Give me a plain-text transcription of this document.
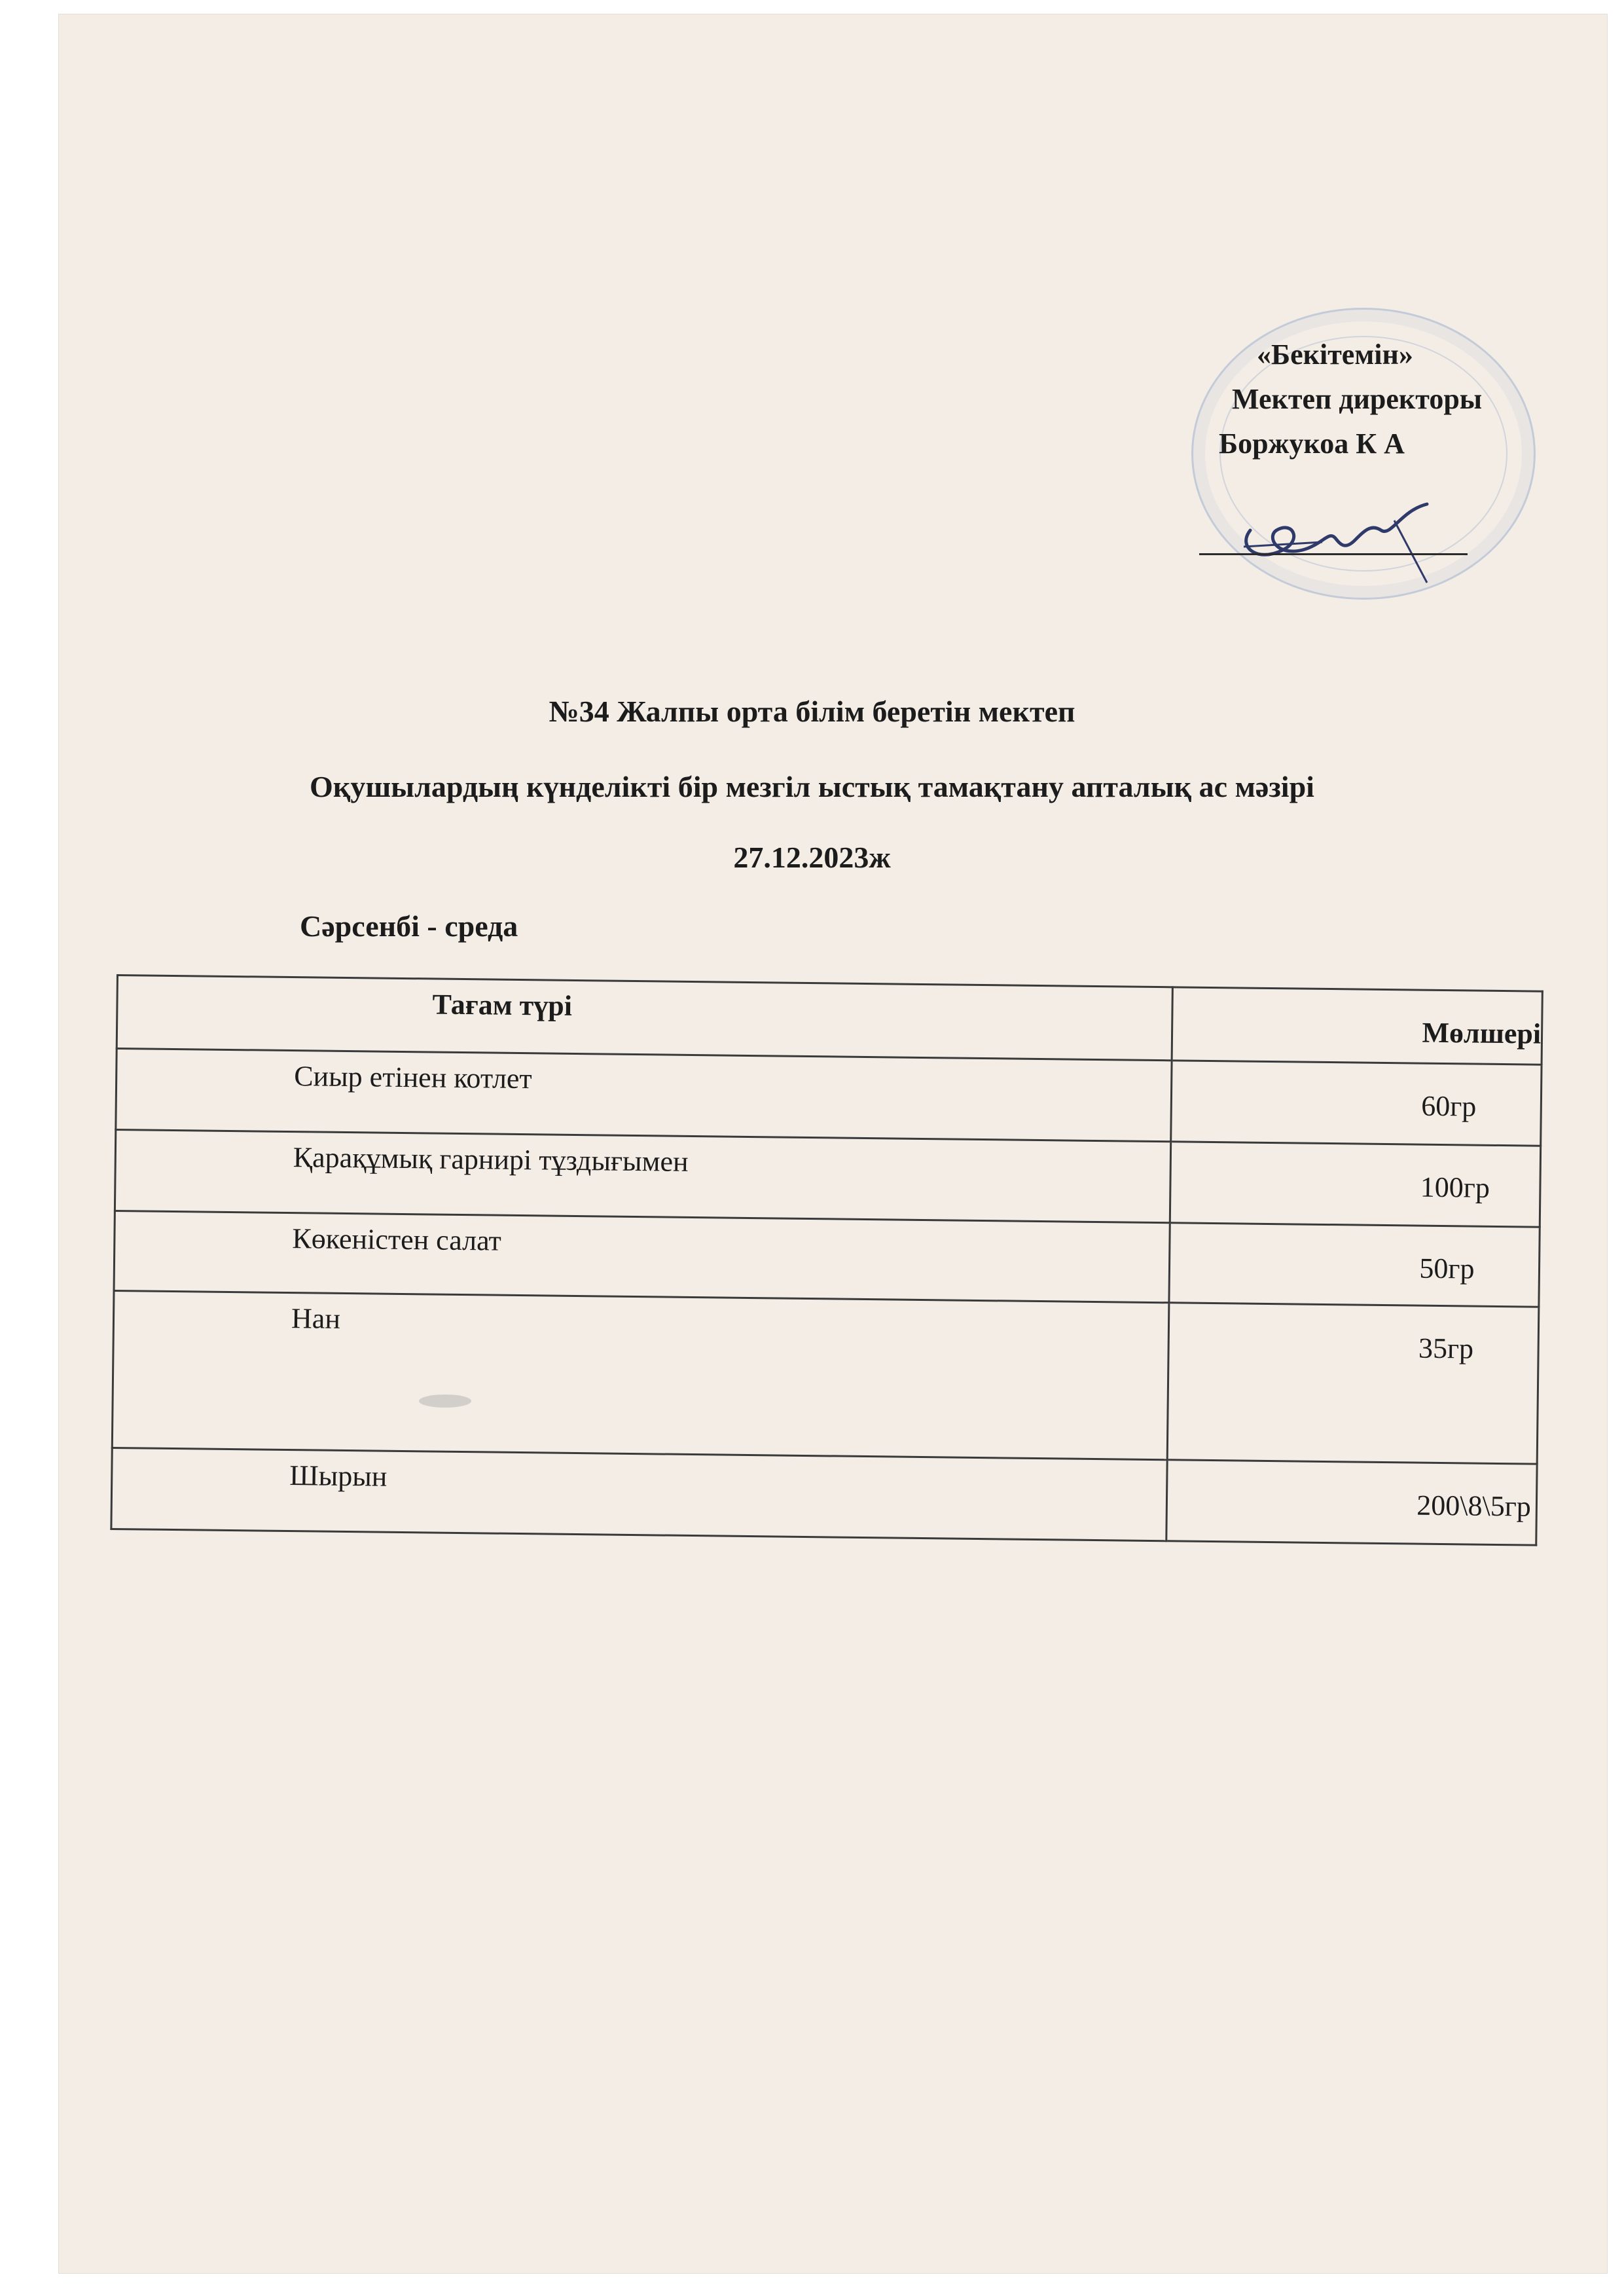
«Бекітемін»
Мектеп директоры
Боржукоа К А
№34 Жалпы орта білім беретін мектеп
Оқушылардың күнделікті бір мезгіл ыстық тамақтану апталық ас мәзірі
27.12.2023ж
Сәрсенбі - среда
Тағам түрі	Мөлшері
Сиыр етінен котлет	60гр
Қарақұмық гарнирі тұздығымен	100гр
Көкеністен салат	50гр
Нан	35гр
Шырын	200\8\5гр
